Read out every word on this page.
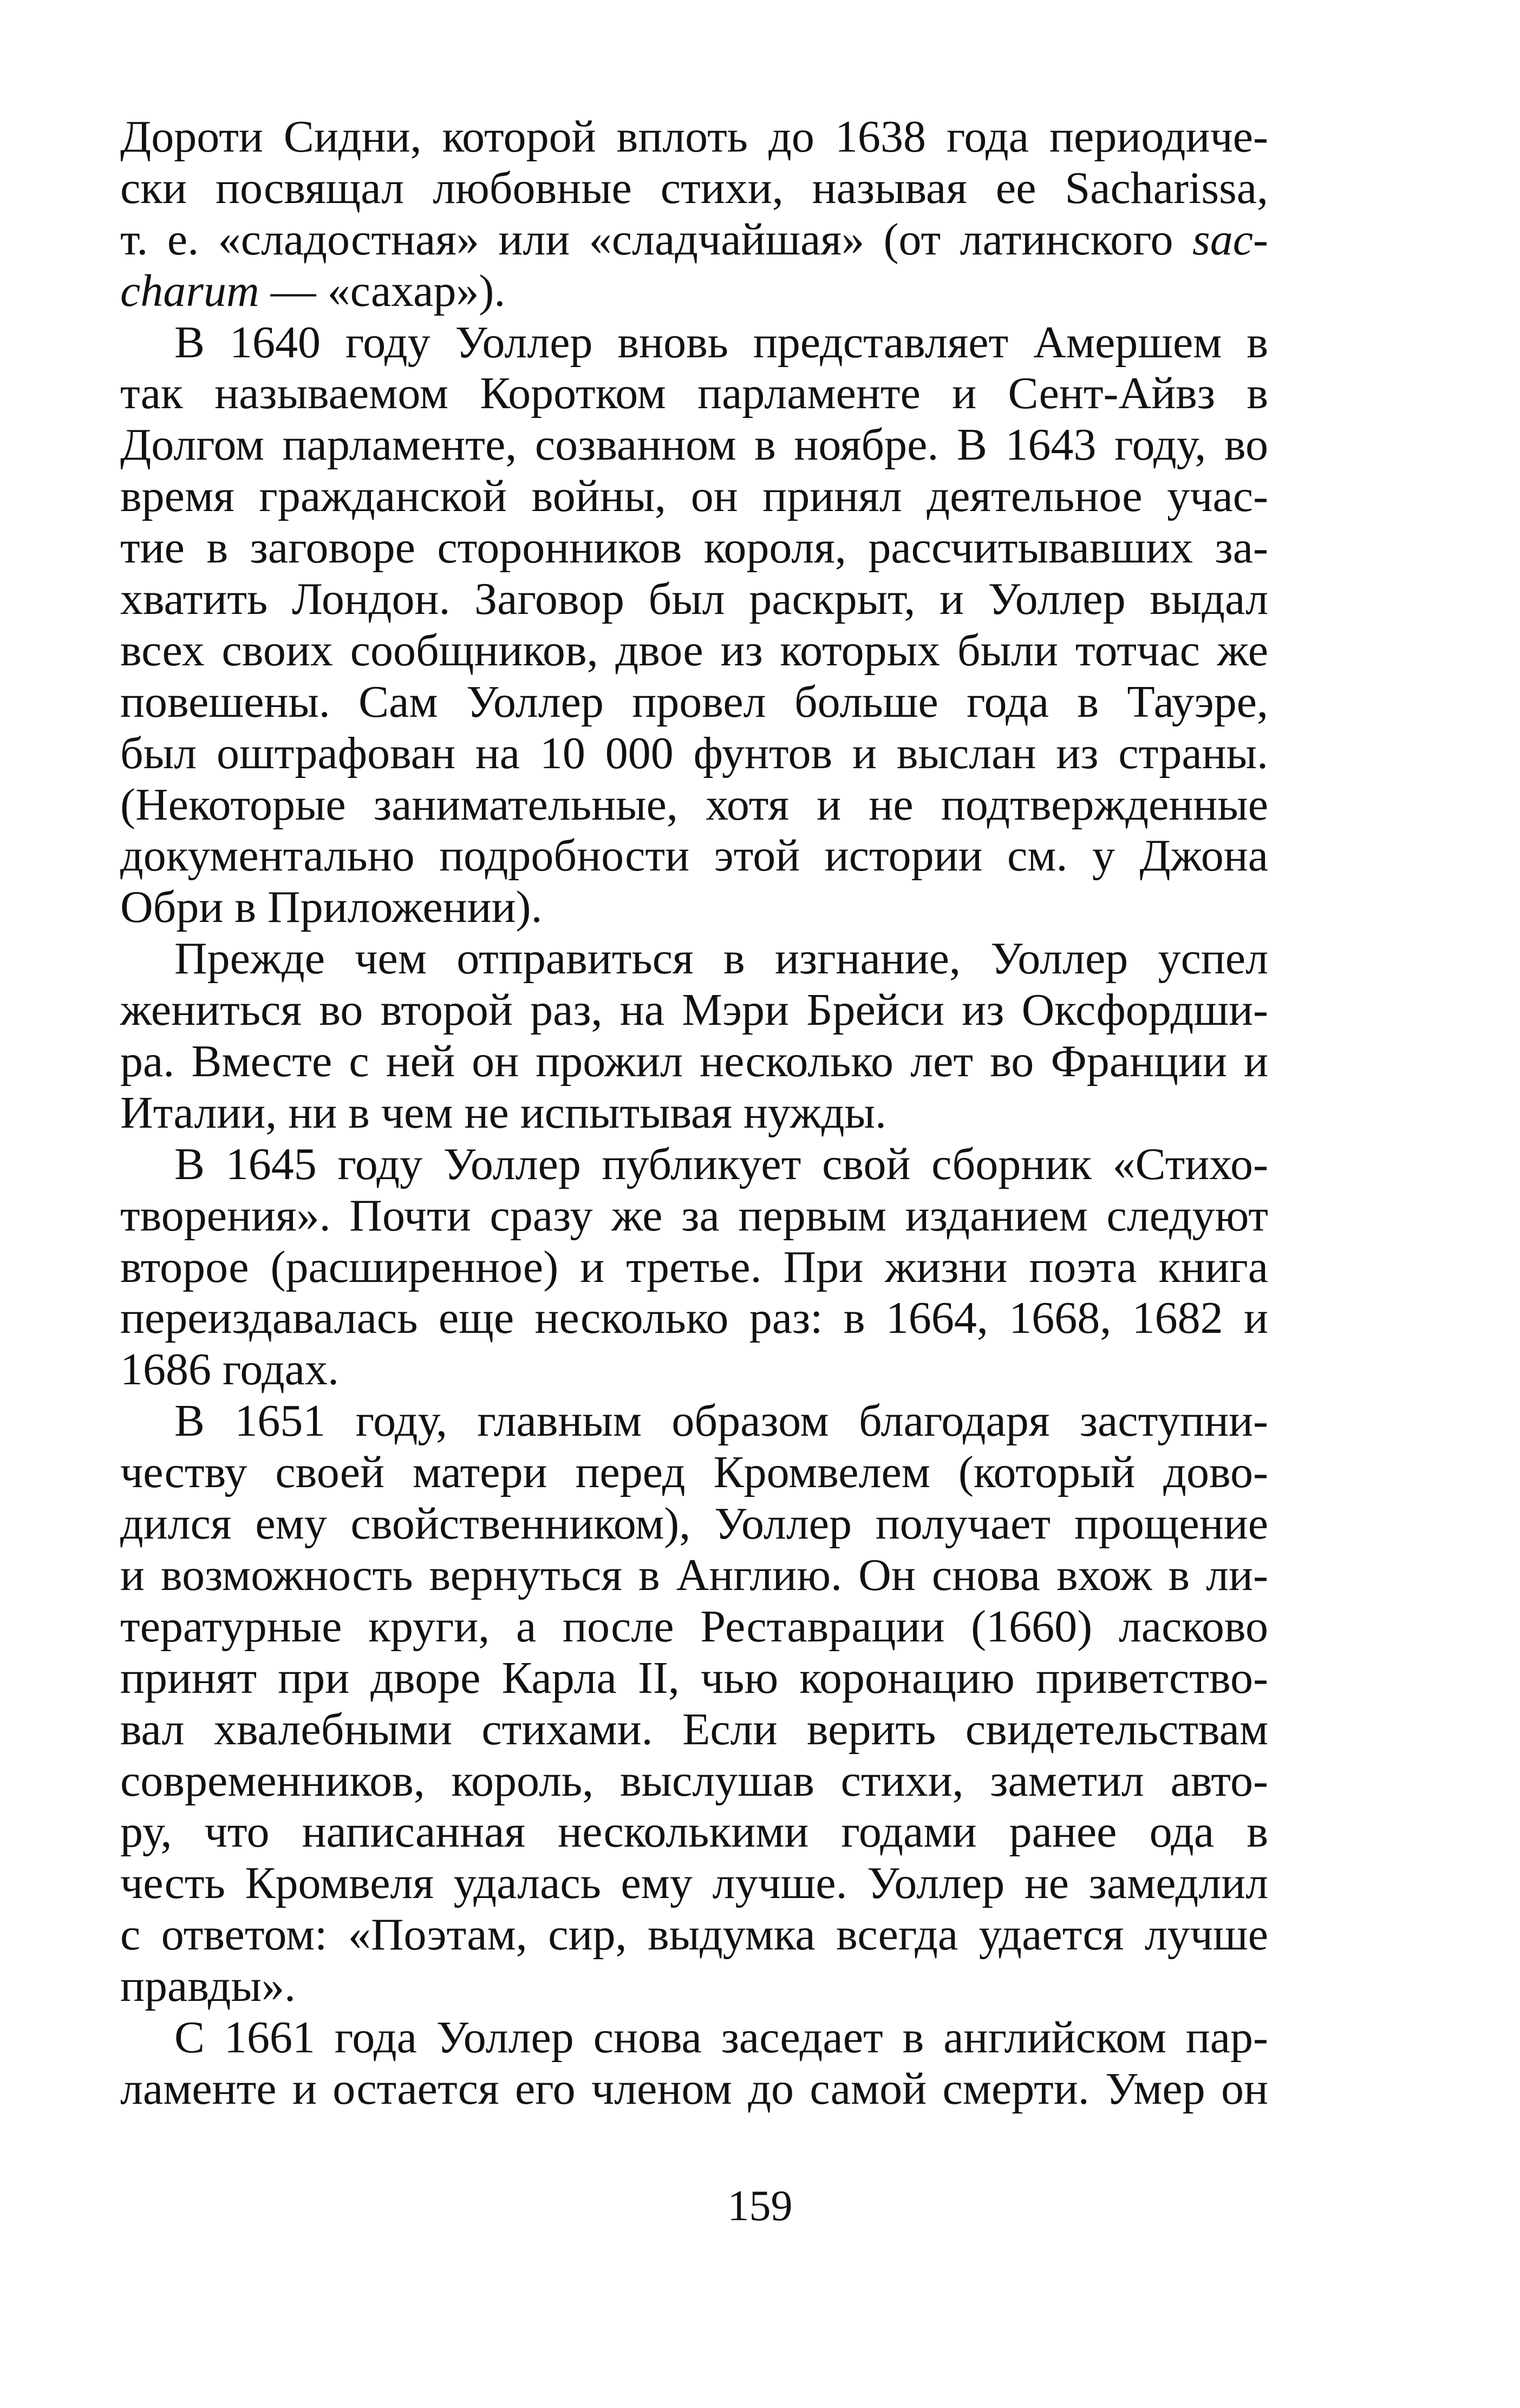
Дороти Сидни, которой вплоть до 1638 года периодиче-
ски посвящал любовные стихи, называя ее Sacharissa,
т. е. «сладостная» или «сладчайшая» (от латинского sac-
charum — «сахар»).
В 1640 году Уоллер вновь представляет Амершем в
так называемом Коротком парламенте и Сент-Айвз в
Долгом парламенте, созванном в ноябре. В 1643 году, во
время гражданской войны, он принял деятельное учас-
тие в заговоре сторонников короля, рассчитывавших за-
хватить Лондон. Заговор был раскрыт, и Уоллер выдал
всех своих сообщников, двое из которых были тотчас же
повешены. Сам Уоллер провел больше года в Тауэре,
был оштрафован на 10 000 фунтов и выслан из страны.
(Некоторые занимательные, хотя и не подтвержденные
документально подробности этой истории см. у Джона
Обри в Приложении).
Прежде чем отправиться в изгнание, Уоллер успел
жениться во второй раз, на Мэри Брейси из Оксфордши-
ра. Вместе с ней он прожил несколько лет во Франции и
Италии, ни в чем не испытывая нужды.
В 1645 году Уоллер публикует свой сборник «Стихо-
творения». Почти сразу же за первым изданием следуют
второе (расширенное) и третье. При жизни поэта книга
переиздавалась еще несколько раз: в 1664, 1668, 1682 и
1686 годах.
В 1651 году, главным образом благодаря заступни-
честву своей матери перед Кромвелем (который дово-
дился ему свойственником), Уоллер получает прощение
и возможность вернуться в Англию. Он снова вхож в ли-
тературные круги, а после Реставрации (1660) ласково
принят при дворе Карла II, чью коронацию приветство-
вал хвалебными стихами. Если верить свидетельствам
современников, король, выслушав стихи, заметил авто-
ру, что написанная несколькими годами ранее ода в
честь Кромвеля удалась ему лучше. Уоллер не замедлил
с ответом: «Поэтам, сир, выдумка всегда удается лучше
правды».
С 1661 года Уоллер снова заседает в английском пар-
ламенте и остается его членом до самой смерти. Умер он
159
